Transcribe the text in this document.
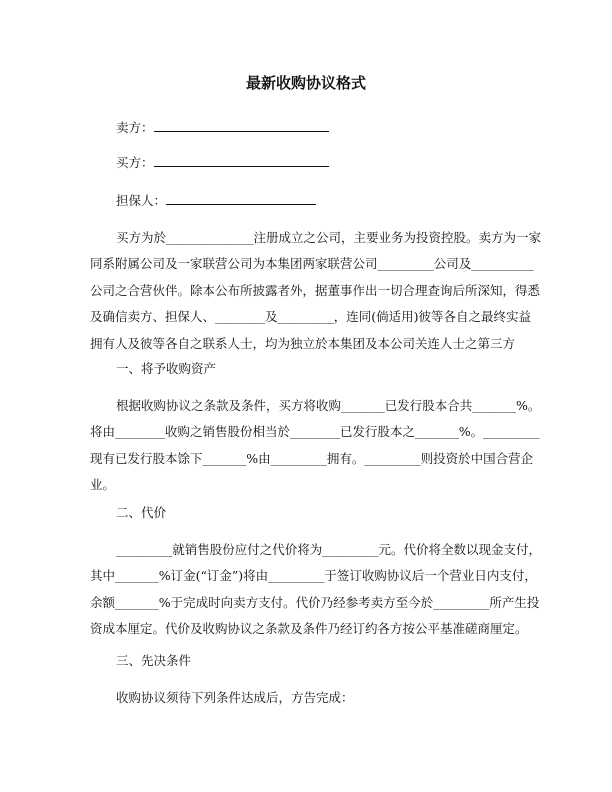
最新收购协议格式
卖方：
买方：
担保人：
买方为於______________注册成立之公司，主要业务为投资控股。卖方为一家
同系附属公司及一家联营公司为本集团两家联营公司_________公司及__________
公司之合营伙伴。除本公布所披露者外，据董事作出一切合理查询后所深知，得悉
及确信卖方、担保人、________及_________，连同(倘适用)彼等各自之最终实益
拥有人及彼等各自之联系人士，均为独立於本集团及本公司关连人士之第三方
一、将予收购资产
根据收购协议之条款及条件，买方将收购_______已发行股本合共_______%。
将由________收购之销售股份相当於________已发行股本之_______%。_________
现有已发行股本馀下_______%由_________拥有。_________则投资於中国合营企
业。
二、代价
_________就销售股份应付之代价将为_________元。代价将全数以现金支付，
其中_______%订金(“订金”)将由_________于签订收购协议后一个营业日内支付，
余额_______%于完成时向卖方支付。代价乃经参考卖方至今於_________所产生投
资成本厘定。代价及收购协议之条款及条件乃经订约各方按公平基准磋商厘定。
三、先决条件
收购协议须待下列条件达成后，方告完成：
